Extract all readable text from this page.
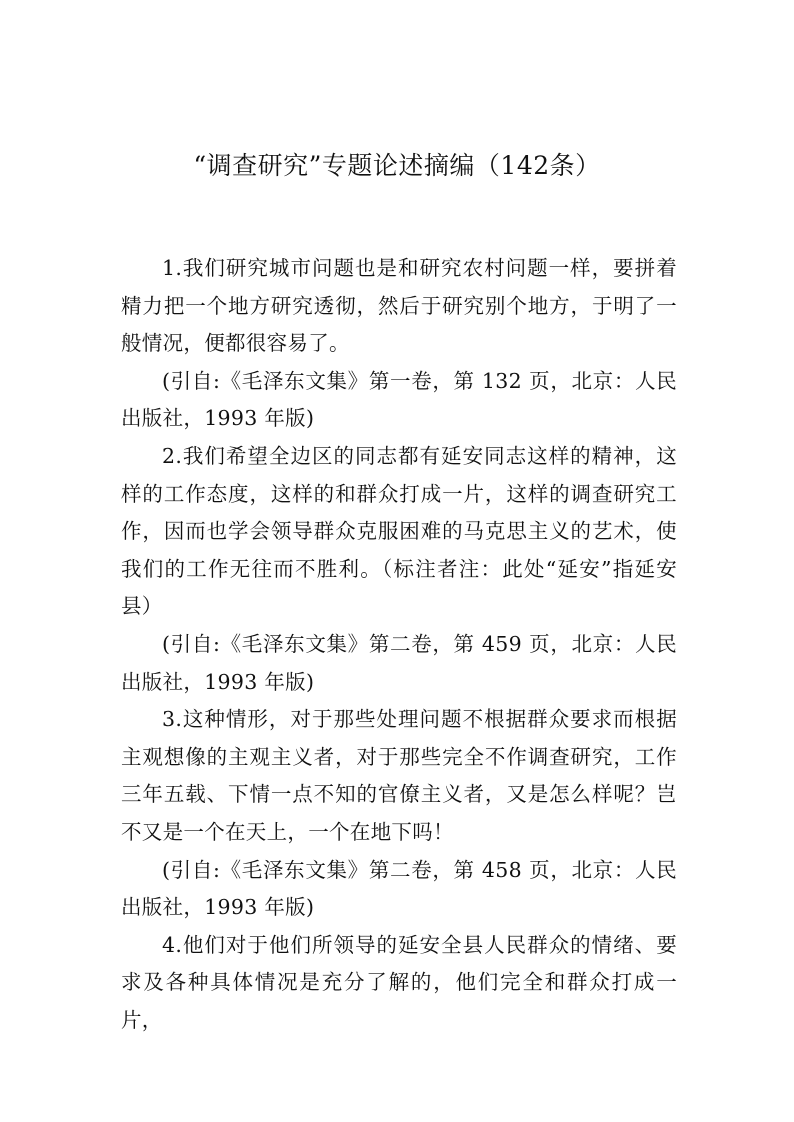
“调查研究”专题论述摘编（142条）

1.我们研究城市问题也是和研究农村问题一样，要拼着精力把一个地方研究透彻，然后于研究别个地方，于明了一般情况，便都很容易了。

(引自:《毛泽东文集》第一卷，第 132 页，北京：人民出版社，1993 年版)

2.我们希望全边区的同志都有延安同志这样的精神，这样的工作态度，这样的和群众打成一片，这样的调查研究工作，因而也学会领导群众克服困难的马克思主义的艺术，使我们的工作无往而不胜利。（标注者注：此处“延安”指延安县）

(引自:《毛泽东文集》第二卷，第 459 页，北京：人民出版社，1993 年版)

3.这种情形，对于那些处理问题不根据群众要求而根据主观想像的主观主义者，对于那些完全不作调查研究，工作三年五载、下情一点不知的官僚主义者，又是怎么样呢？岂不又是一个在天上，一个在地下吗！

(引自:《毛泽东文集》第二卷，第 458 页，北京：人民出版社，1993 年版)

4.他们对于他们所领导的延安全县人民群众的情绪、要求及各种具体情况是充分了解的，他们完全和群众打成一片，
